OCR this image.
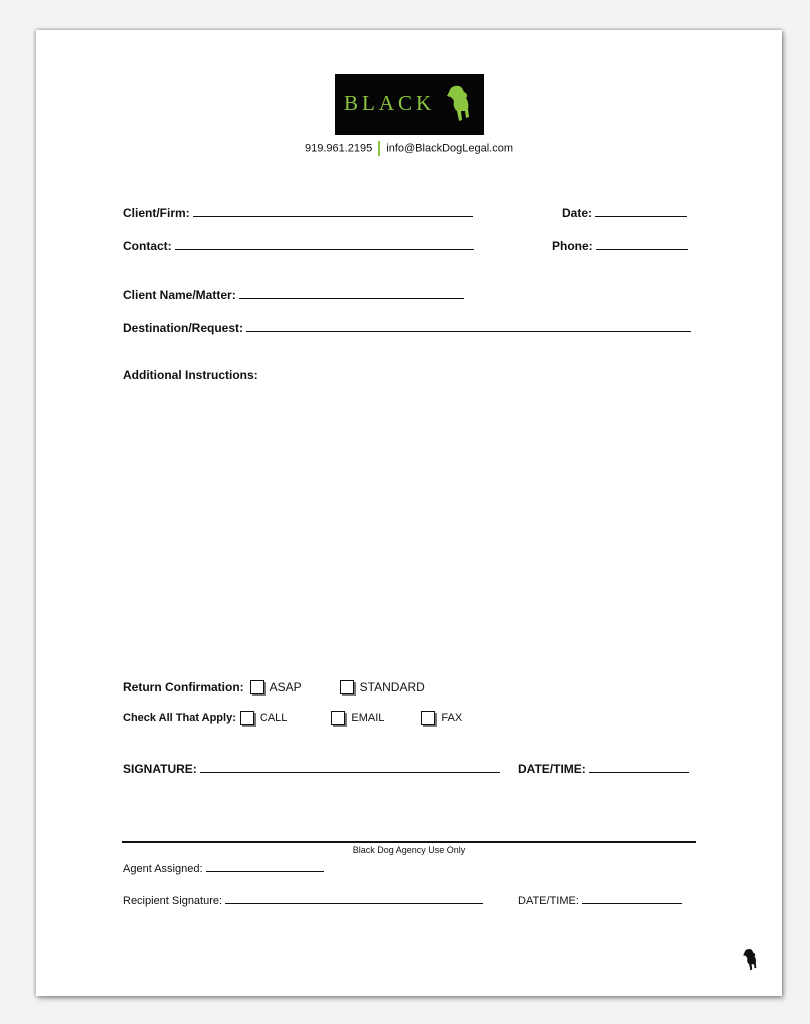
BLACK
919.961.2195 info@BlackDogLegal.com
Client/Firm:	Date:
Contact:	Phone:
Client Name/Matter:
Destination/Request:
Additional Instructions:
Return Confirmation: ASAP	STANDARD
Check All That Apply: CALL	EMAIL	FAX
SIGNATURE:	DATE/TIME:
Black Dog Agency Use Only
Agent Assigned:
Recipient Signature:	DATE/TIME:
